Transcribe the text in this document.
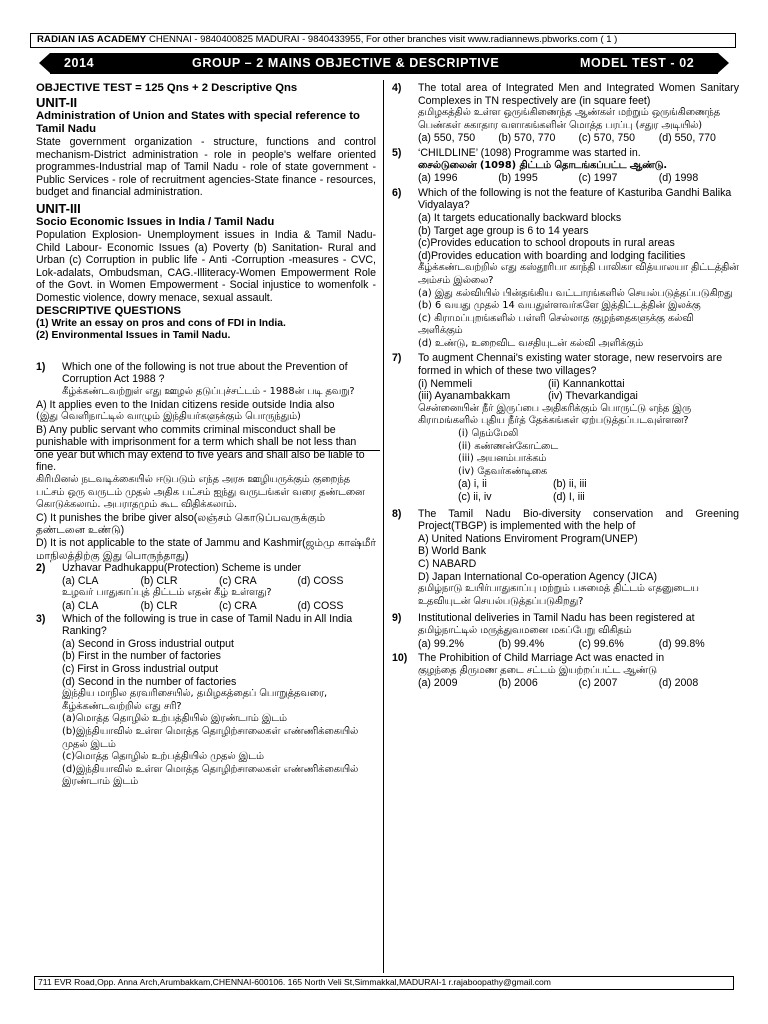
RADIAN IAS ACADEMY CHENNAI - 9840400825 MADURAI - 9840433955, For other branches visit www.radiannews.pbworks.com ( 1 )
2014	GROUP – 2 MAINS OBJECTIVE & DESCRIPTIVE	MODEL TEST - 02
OBJECTIVE TEST = 125 Qns + 2 Descriptive Qns
UNIT-II
Administration of Union and States with special reference to Tamil Nadu
State government organization - structure, functions and control mechanism-District administration - role in people's welfare oriented programmes-Industrial map of Tamil Nadu - role of state government - Public Services - role of recruitment agencies-State finance - resources, budget and financial administration.
UNIT-III
Socio Economic Issues in India / Tamil Nadu
Population Explosion- Unemployment issues in India & Tamil Nadu- Child Labour- Economic Issues (a) Poverty (b) Sanitation- Rural and Urban (c) Corruption in public life - Anti -Corruption -measures - CVC, Lok-adalats, Ombudsman, CAG.-Illiteracy-Women Empowerment Role of the Govt. in Women Empowerment - Social injustice to womenfolk - Domestic violence, dowry menace, sexual assault.
DESCRIPTIVE QUESTIONS
(1) Write an essay on pros and cons of FDI in India.
(2) Environmental Issues in Tamil Nadu.
1) Which one of the following is not true about the Prevention of Corruption Act 1988 ?
கீழ்க்கண்டவற்றுள் எது ஊழல் தடுப்புச்சட்டம் - 1988ன் படி தவறு?
A) It applies even to the Inidan citizens reside outside India also
(இது வெளிநாட்டில் வாழும் இந்தியர்களுக்கும் பொருந்தும்)
B) Any public servant who commits criminal misconduct shall be punishable with imprisonment for a term which shall be not less than one year but which may extend to five years and shall also be liable to fine.
கிரிமினல் நடவடிக்கையில் ஈடுபடும் எந்த அரசு ஊழியருக்கும் குறைந்த பட்சம் ஒரு வருடம் முதல் அதிக பட்சம் ஐந்து வருடங்கள் வரை தண்டனை கொடுக்கலாம். அபராதமும் கூட விதிக்கலாம்.
C) It punishes the bribe giver also(லஞ்சம் கொடுப்பவருக்கும் தண்டனை உண்டு)
D) It is not applicable to the state of Jammu and Kashmir(ஜம்மு காஷ்மீர் மாநிலத்திற்கு இது பொருந்தாது)
2) Uzhavar Padhukappu(Protection) Scheme is under
(a) CLA	(b) CLR	(c) CRA	(d) COSS
உழவர் பாதுகாப்புத் திட்டம் எதன் கீழ் உள்ளது?
(a) CLA	(b) CLR	(c) CRA	(d) COSS
3) Which of the following is true in case of Tamil Nadu in All India Ranking?
(a) Second in Gross industrial output
(b) First in the number of factories
(c) First in Gross industrial output
(d) Second in the number of factories
இந்திய மாநில தரவரிசையில், தமிழகத்தைப் பொறுத்தவரை, கீழ்க்கண்டவற்றில் எது சரி?
(a)மொத்த தொழில் உற்பத்தியில் இரண்டாம் இடம்
(b)இந்தியாவில் உள்ள மொத்த தொழிற்சாலைகள் எண்ணிக்கையில் முதல் இடம்
(c)மொத்த தொழில் உற்பத்தியில் முதல் இடம்
(d)இந்தியாவில் உள்ள மொத்த தொழிற்சாலைகள் எண்ணிக்கையில் இரண்டாம் இடம்
4) The total area of Integrated Men and Integrated Women Sanitary Complexes in TN respectively are (in square feet)
தமிழகத்தில் உள்ள ஒருங்கிணைந்த ஆண்கள் மற்றும் ஒருங்கிணைந்த பெண்கள் சுகாதார வளாகங்களின் மொத்த பரப்பு (சதுர அடியில்)
(a) 550, 750	(b) 570, 770	(c) 570, 750	(d) 550, 770
5) ‘CHILDLINE’ (1098) Programme was started in.
சைல்டுலைன் (1098) திட்டம் தொடங்கப்பட்ட ஆண்டு.
(a) 1996	(b) 1995	(c) 1997	(d) 1998
6) Which of the following is not the feature of Kasturiba Gandhi Balika Vidyalaya?
(a) It targets educationally backward blocks
(b) Target age group is 6 to 14 years
(c)Provides education to school dropouts in rural areas
(d)Provides education with boarding and lodging facilities
கீழ்க்கண்டவற்றில் எது கஸ்தூரிபா காந்தி பாலிகா வித்யாலயா திட்டத்தின் அம்சம் இல்லை?
(a) இது கல்வியில் பின்தங்கிய வட்டாரங்களில் செயல்படுத்தப்படுகிறது
(b) 6 வயது முதல் 14 வயதுள்ளவர்களே இத்திட்டத்தின் இலக்கு
(c) கிராமப்புறங்களில் பள்ளி செல்லாத குழந்தைகளுக்கு கல்வி அளிக்கும்
(d) உண்டு, உறைவிட வசதியுடன் கல்வி அளிக்கும்
7) To augment Chennai's existing water storage, new reservoirs are formed in which of these two villages?
(i) Nemmeli	(ii) Kannankottai
(iii) Ayanambakkam	(iv) Thevarkandigai
சென்னையின் நீர் இருப்பை அதிகரிக்கும் பொருட்டு எந்த இரு கிராமங்களில் புதிய நீர்த் தேக்கங்கள் ஏற்படுத்தப்படவுள்ளன?
(i) நெம்மேலி
(ii) கண்ணன்கோட்டை
(iii) அயனம்பாக்கம்
(iv) தேவர்கண்டிகை
(a) i, ii	(b) ii, iii
(c) ii, iv	(d) I, iii
8) The Tamil Nadu Bio-diversity conservation and Greening Project(TBGP) is implemented with the help of
A) United Nations Enviroment Program(UNEP)
B) World Bank
C) NABARD
D) Japan International Co-operation Agency (JICA)
தமிழ்நாடு உயிர்பாதுகாப்பு மற்றும் பசுமைத் திட்டம் எதனுடைய உதவியுடன் செயல்படுத்தப்படுகிறது?
9) Institutional deliveries in Tamil Nadu has been registered at
தமிழ்நாட்டில் மருத்துவமனை மகப்பேறு விகிதம்
(a) 99.2%	(b) 99.4%	(c) 99.6%	(d) 99.8%
10) The Prohibition of Child Marriage Act was enacted in
குழந்தை திருமண தடை சட்டம் இயற்றப்பட்ட ஆண்டு
(a) 2009	(b) 2006	(c) 2007	(d) 2008
711 EVR Road,Opp. Anna Arch,Arumbakkam,CHENNAI-600106. 165 North Veli St,Simmakkal,MADURAI-1 r.rajaboopathy@gmail.com
